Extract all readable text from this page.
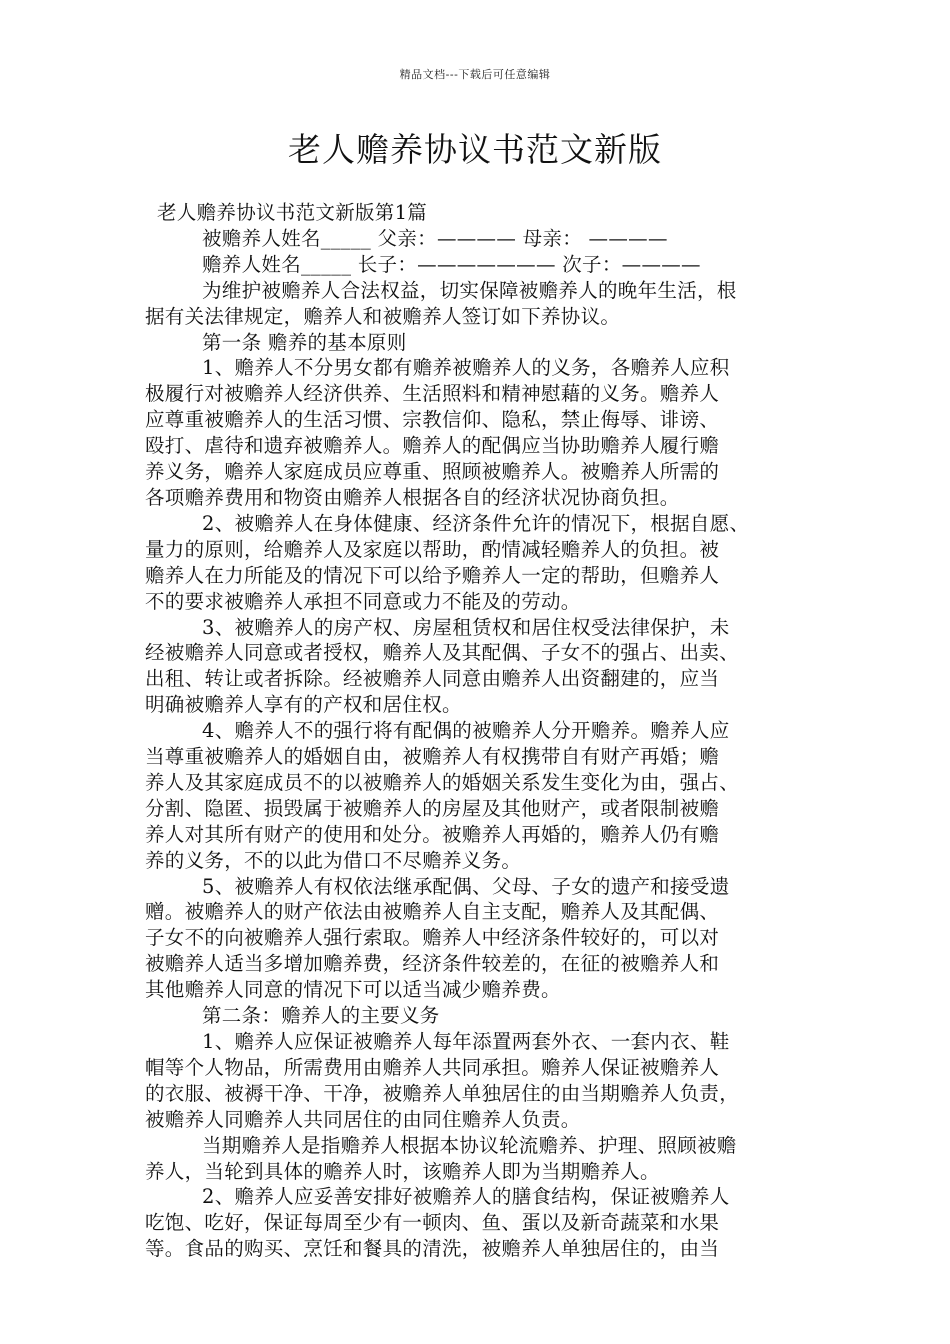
精品文档---下载后可任意编辑
老人赡养协议书范文新版
老人赡养协议书范文新版第1篇
被赡养人姓名_____ 父亲：———— 母亲： ————
赡养人姓名_____ 长子：——————— 次子：————
为维护被赡养人合法权益，切实保障被赡养人的晚年生活，根
据有关法律规定，赡养人和被赡养人签订如下养协议。
第一条 赡养的基本原则
1、赡养人不分男女都有赡养被赡养人的义务，各赡养人应积
极履行对被赡养人经济供养、生活照料和精神慰藉的义务。赡养人
应尊重被赡养人的生活习惯、宗教信仰、隐私，禁止侮辱、诽谤、
殴打、虐待和遗弃被赡养人。赡养人的配偶应当协助赡养人履行赡
养义务，赡养人家庭成员应尊重、照顾被赡养人。被赡养人所需的
各项赡养费用和物资由赡养人根据各自的经济状况协商负担。
2、被赡养人在身体健康、经济条件允许的情况下，根据自愿、
量力的原则，给赡养人及家庭以帮助，酌情减轻赡养人的负担。被
赡养人在力所能及的情况下可以给予赡养人一定的帮助，但赡养人
不的要求被赡养人承担不同意或力不能及的劳动。
3、被赡养人的房产权、房屋租赁权和居住权受法律保护，未
经被赡养人同意或者授权，赡养人及其配偶、子女不的强占、出卖、
出租、转让或者拆除。经被赡养人同意由赡养人出资翻建的，应当
明确被赡养人享有的产权和居住权。
4、赡养人不的强行将有配偶的被赡养人分开赡养。赡养人应
当尊重被赡养人的婚姻自由，被赡养人有权携带自有财产再婚；赡
养人及其家庭成员不的以被赡养人的婚姻关系发生变化为由，强占、
分割、隐匿、损毁属于被赡养人的房屋及其他财产，或者限制被赡
养人对其所有财产的使用和处分。被赡养人再婚的，赡养人仍有赡
养的义务，不的以此为借口不尽赡养义务。
5、被赡养人有权依法继承配偶、父母、子女的遗产和接受遗
赠。被赡养人的财产依法由被赡养人自主支配，赡养人及其配偶、
子女不的向被赡养人强行索取。赡养人中经济条件较好的，可以对
被赡养人适当多增加赡养费，经济条件较差的，在征的被赡养人和
其他赡养人同意的情况下可以适当减少赡养费。
第二条：赡养人的主要义务
1、赡养人应保证被赡养人每年添置两套外衣、一套内衣、鞋
帽等个人物品，所需费用由赡养人共同承担。赡养人保证被赡养人
的衣服、被褥干净、干净，被赡养人单独居住的由当期赡养人负责，
被赡养人同赡养人共同居住的由同住赡养人负责。
当期赡养人是指赡养人根据本协议轮流赡养、护理、照顾被赡
养人，当轮到具体的赡养人时，该赡养人即为当期赡养人。
2、赡养人应妥善安排好被赡养人的膳食结构，保证被赡养人
吃饱、吃好，保证每周至少有一顿肉、鱼、蛋以及新奇蔬菜和水果
等。食品的购买、烹饪和餐具的清洗，被赡养人单独居住的，由当
